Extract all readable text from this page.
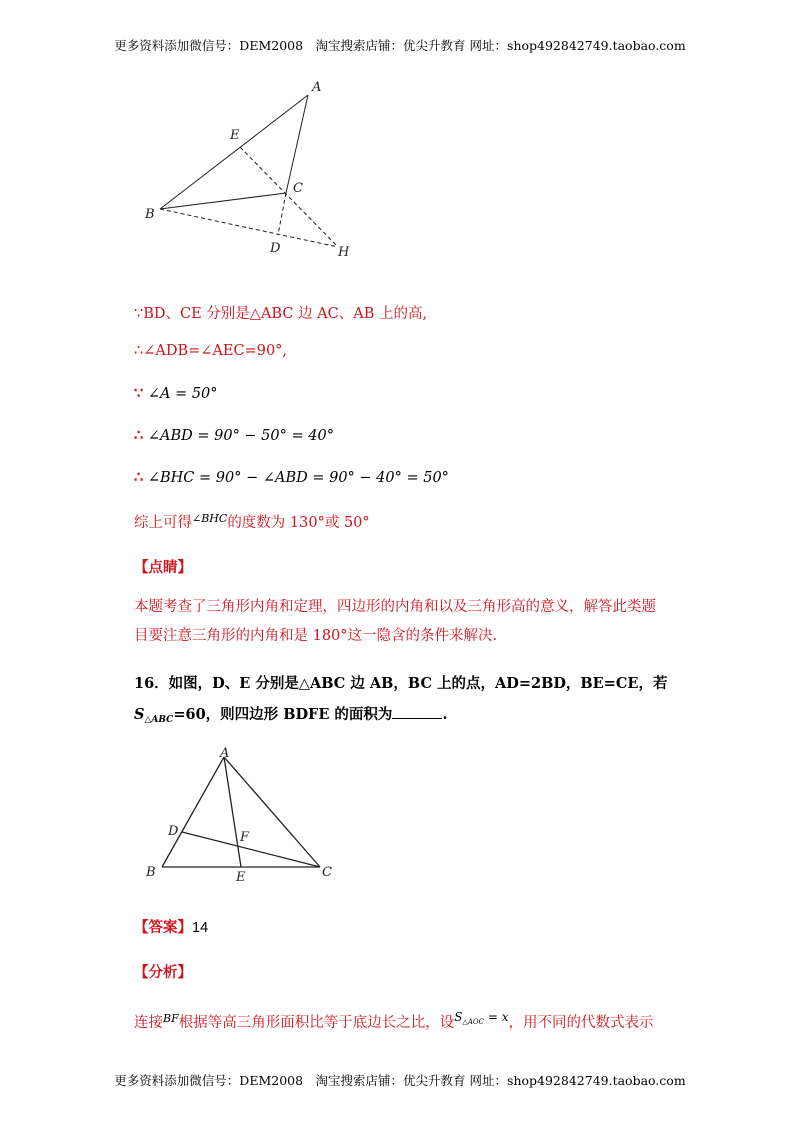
更多资料添加微信号：DEM2008　淘宝搜索店铺：优尖升教育 网址：shop492842749.taobao.com
A
E
C
B
D	H
∵BD、CE 分别是△ABC 边 AC、AB 上的高,
∴∠ADB=∠AEC=90°,
∵ ∠A = 50°
∴ ∠ABD = 90° − 50° = 40°
∴ ∠BHC = 90° − ∠ABD = 90° − 40° = 50°
综上可得$^{\angle BHC}$的度数为 130°或 50°
【点睛】
本题考查了三角形内角和定理，四边形的内角和以及三角形高的意义，解答此类题目要注意三角形的内角和是 180°这一隐含的条件来解决.
16．如图，D、E 分别是△ABC 边 AB，BC 上的点，AD=2BD，BE=CE，若
$S_{\triangle ABC}=60$，则四边形 BDFE 的面积为	.
A
D	F
B	E	C
【答案】14
【分析】
连接$^{BF}$根据等高三角形面积比等于底边长之比，设$^{S_{\triangle AOC} = x}$，用不同的代数式表示
更多资料添加微信号：DEM2008　淘宝搜索店铺：优尖升教育 网址：shop492842749.taobao.com
